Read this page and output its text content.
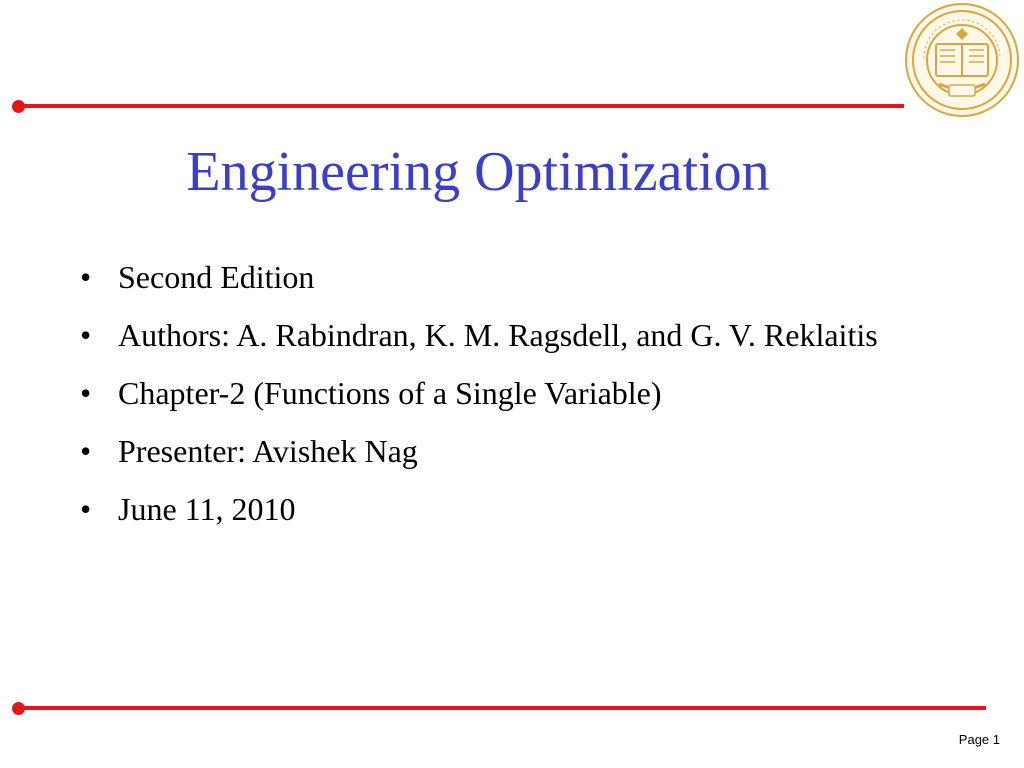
Engineering Optimization
• Second Edition
• Authors: A. Rabindran, K. M. Ragsdell, and G. V. Reklaitis
• Chapter-2 (Functions of a Single Variable)
• Presenter: Avishek Nag
• June 11, 2010
Page 1
